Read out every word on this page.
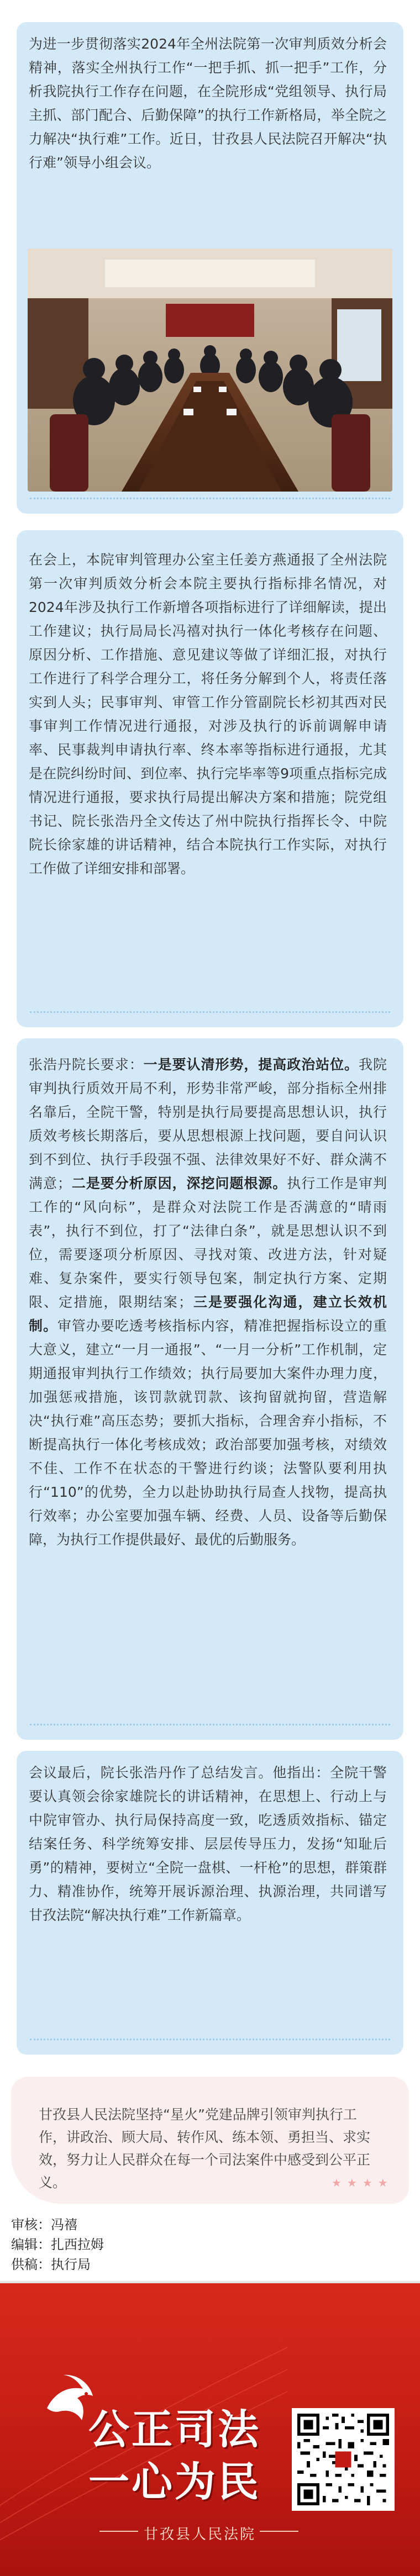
为进一步贯彻落实2024年全州法院第一次审判质效分析会精神，落实全州执行工作“一把手抓、抓一把手”工作，分析我院执行工作存在问题，在全院形成“党组领导、执行局主抓、部门配合、后勤保障”的执行工作新格局，举全院之力解决“执行难”工作。近日，甘孜县人民法院召开解决“执行难”领导小组会议。

在会上，本院审判管理办公室主任姜方燕通报了全州法院第一次审判质效分析会本院主要执行指标排名情况，对2024年涉及执行工作新增各项指标进行了详细解读，提出工作建议；执行局局长冯禧对执行一体化考核存在问题、原因分析、工作措施、意见建议等做了详细汇报，对执行工作进行了科学合理分工，将任务分解到个人，将责任落实到人头；民事审判、审管工作分管副院长杉初其西对民事审判工作情况进行通报，对涉及执行的诉前调解申请率、民事裁判申请执行率、终本率等指标进行通报，尤其是在院纠纷时间、到位率、执行完毕率等9项重点指标完成情况进行通报，要求执行局提出解决方案和措施；院党组书记、院长张浩丹全文传达了州中院执行指挥长令、中院院长徐家雄的讲话精神，结合本院执行工作实际，对执行工作做了详细安排和部署。

张浩丹院长要求：一是要认清形势，提高政治站位。我院审判执行质效开局不利，形势非常严峻，部分指标全州排名靠后，全院干警，特别是执行局要提高思想认识，执行质效考核长期落后，要从思想根源上找问题，要自问认识到不到位、执行手段强不强、法律效果好不好、群众满不满意；二是要分析原因，深挖问题根源。执行工作是审判工作的“风向标”，是群众对法院工作是否满意的“晴雨表”，执行不到位，打了“法律白条”，就是思想认识不到位，需要逐项分析原因、寻找对策、改进方法，针对疑难、复杂案件，要实行领导包案，制定执行方案、定期限、定措施，限期结案；三是要强化沟通，建立长效机制。审管办要吃透考核指标内容，精准把握指标设立的重大意义，建立“一月一通报”、“一月一分析”工作机制，定期通报审判执行工作绩效；执行局要加大案件办理力度，加强惩戒措施，该罚款就罚款、该拘留就拘留，营造解决“执行难”高压态势；要抓大指标，合理舍弃小指标，不断提高执行一体化考核成效；政治部要加强考核，对绩效不佳、工作不在状态的干警进行约谈；法警队要利用执行“110”的优势，全力以赴协助执行局查人找物，提高执行效率；办公室要加强车辆、经费、人员、设备等后勤保障，为执行工作提供最好、最优的后勤服务。

会议最后，院长张浩丹作了总结发言。他指出：全院干警要认真领会徐家雄院长的讲话精神，在思想上、行动上与中院审管办、执行局保持高度一致，吃透质效指标、锚定结案任务、科学统筹安排、层层传导压力，发扬“知耻后勇”的精神，要树立“全院一盘棋、一杆枪”的思想，群策群力、精准协作，统筹开展诉源治理、执源治理，共同谱写甘孜法院“解决执行难”工作新篇章。

甘孜县人民法院坚持“星火”党建品牌引领审判执行工作，讲政治、顾大局、转作风、练本领、勇担当、求实效，努力让人民群众在每一个司法案件中感受到公平正义。	★★★★
审核：冯禧
编辑：扎西拉姆
供稿：执行局
公正司法
一心为民
甘孜县人民法院
